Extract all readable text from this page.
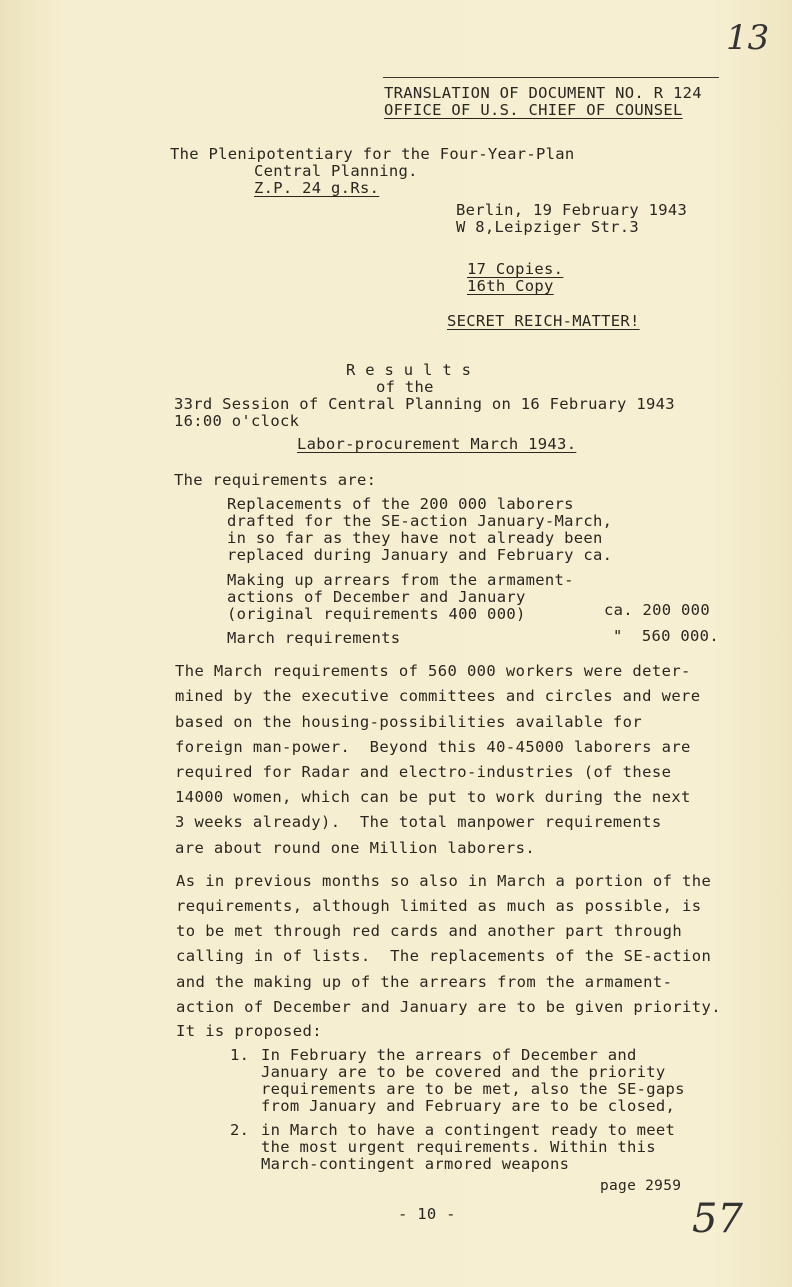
13
TRANSLATION OF DOCUMENT NO. R 124
OFFICE OF U.S. CHIEF OF COUNSEL
The Plenipotentiary for the Four-Year-Plan
Central Planning.
Z.P. 24 g.Rs.
Berlin, 19 February 1943
W 8,Leipziger Str.3
17 Copies.
16th Copy
SECRET REICH-MATTER!
R e s u l t s
of the
33rd Session of Central Planning on 16 February 1943
16:00 o'clock
Labor-procurement March 1943.
The requirements are:
Replacements of the 200 000 laborers
drafted for the SE-action January-March,
in so far as they have not already been
replaced during January and February ca.
Making up arrears from the armament-
actions of December and January
(original requirements 400 000)	ca. 200 000
March requirements	"  560 000.
The March requirements of 560 000 workers were deter-
mined by the executive committees and circles and were
based on the housing-possibilities available for
foreign man-power.  Beyond this 40-45000 laborers are
required for Radar and electro-industries (of these
14000 women, which can be put to work during the next
3 weeks already).  The total manpower requirements
are about round one Million laborers.
As in previous months so also in March a portion of the
requirements, although limited as much as possible, is
to be met through red cards and another part through
calling in of lists.  The replacements of the SE-action
and the making up of the arrears from the armament-
action of December and January are to be given priority.
It is proposed:
1. In February the arrears of December and
January are to be covered and the priority
requirements are to be met, also the SE-gaps
from January and February are to be closed,
2. in March to have a contingent ready to meet
the most urgent requirements. Within this
March-contingent armored weapons
page 2959
- 10 -	57
